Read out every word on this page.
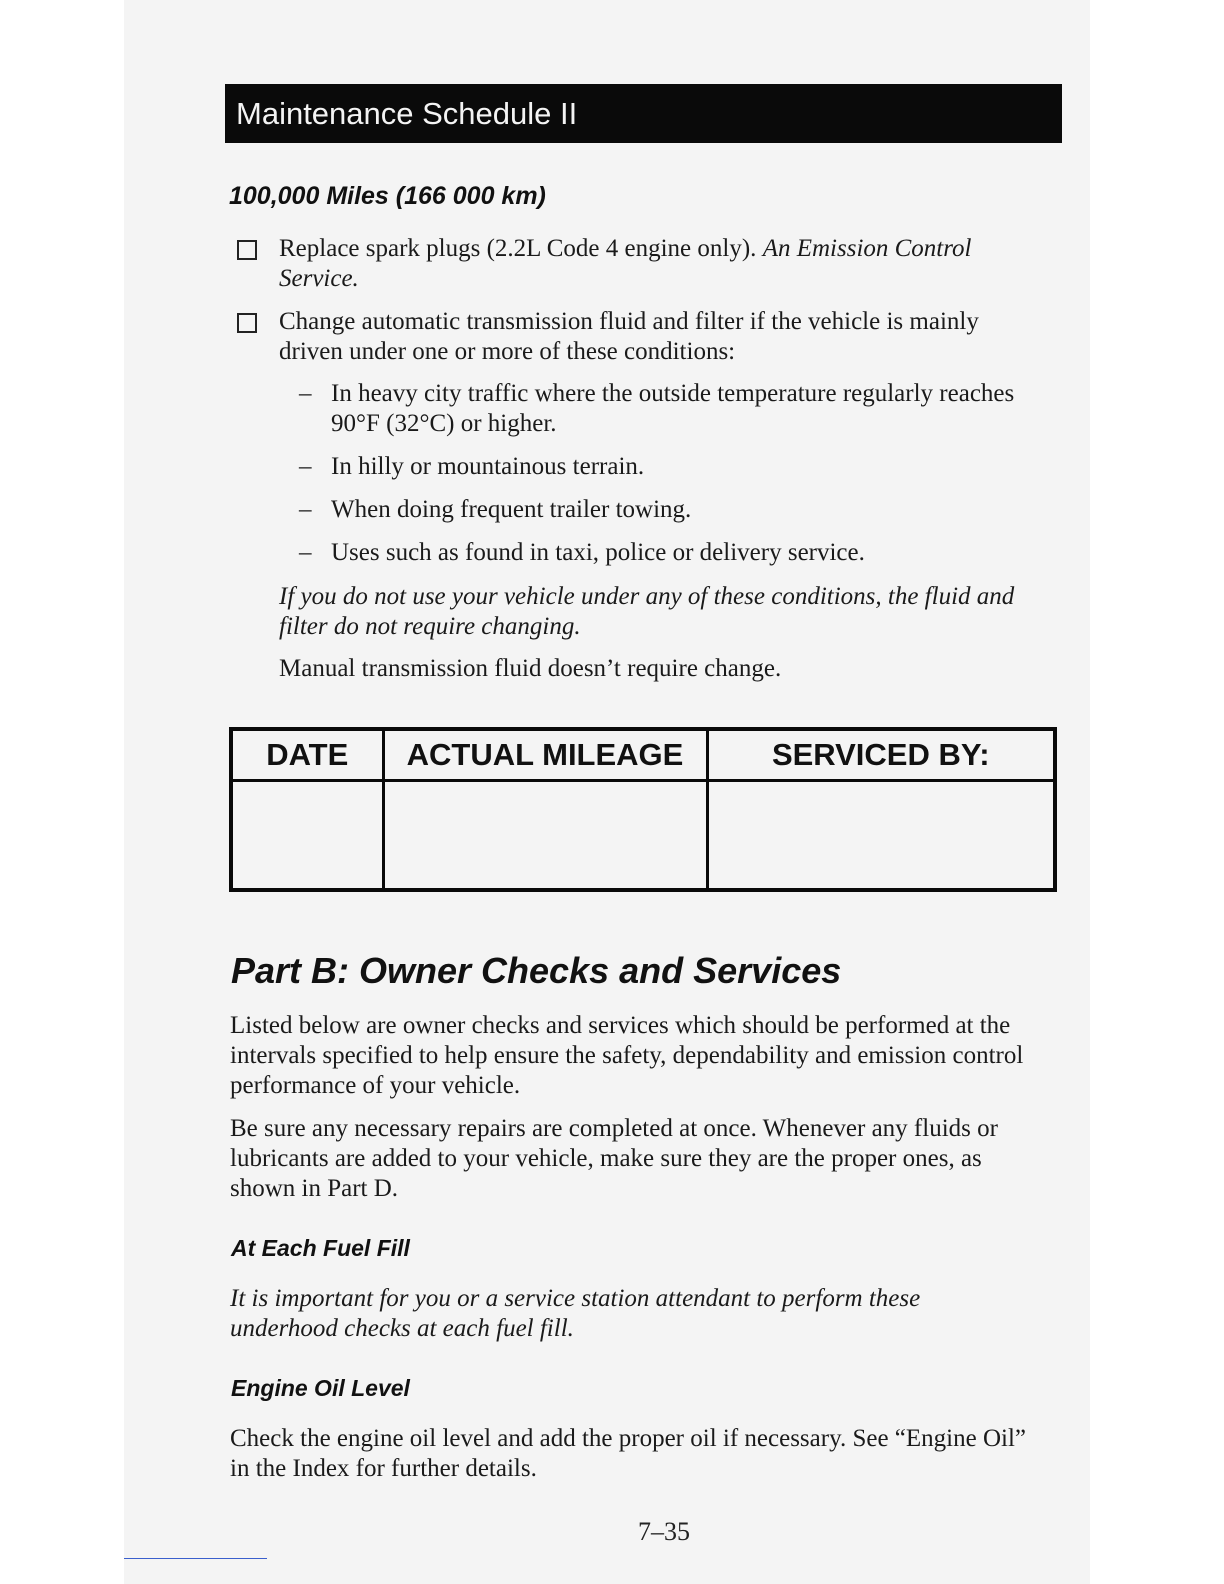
Maintenance Schedule II
100,000 Miles (166 000 km)
Replace spark plugs (2.2L Code 4 engine only). An Emission Control Service.
Change automatic transmission fluid and filter if the vehicle is mainly driven under one or more of these conditions:
– In heavy city traffic where the outside temperature regularly reaches 90°F (32°C) or higher.
– In hilly or mountainous terrain.
– When doing frequent trailer towing.
– Uses such as found in taxi, police or delivery service.
If you do not use your vehicle under any of these conditions, the fluid and filter do not require changing.
Manual transmission fluid doesn’t require change.
DATE	ACTUAL MILEAGE	SERVICED BY:

Part B: Owner Checks and Services
Listed below are owner checks and services which should be performed at the intervals specified to help ensure the safety, dependability and emission control performance of your vehicle.
Be sure any necessary repairs are completed at once. Whenever any fluids or lubricants are added to your vehicle, make sure they are the proper ones, as shown in Part D.
At Each Fuel Fill
It is important for you or a service station attendant to perform these underhood checks at each fuel fill.
Engine Oil Level
Check the engine oil level and add the proper oil if necessary. See “Engine Oil” in the Index for further details.
7–35
